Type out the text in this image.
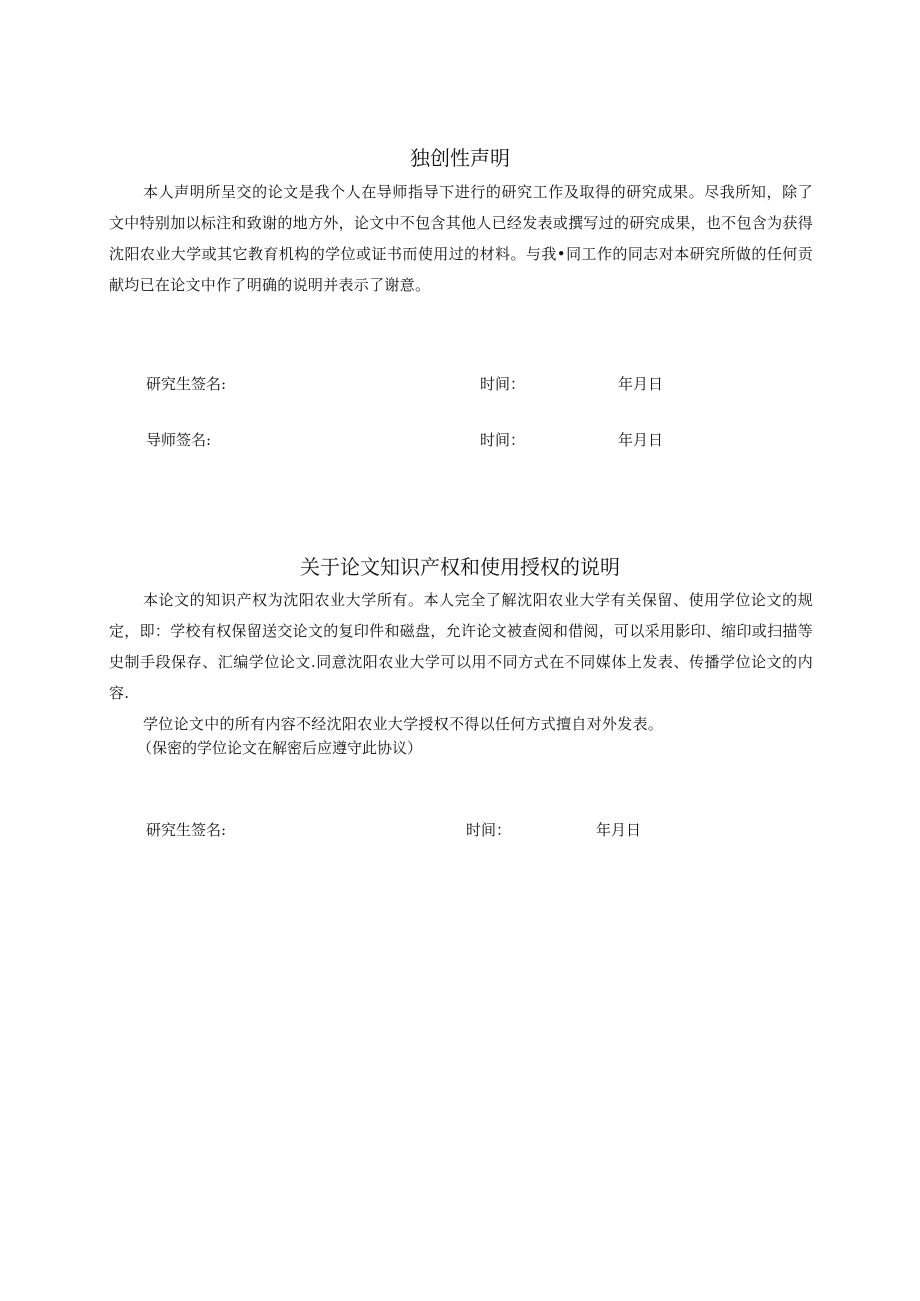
独创性声明

本人声明所呈交的论文是我个人在导师指导下进行的研究工作及取得的研究成果。尽我所知，除了文中特别加以标注和致谢的地方外，论文中不包含其他人已经发表或撰写过的研究成果，也不包含为获得沈阳农业大学或其它教育机构的学位或证书而使用过的材料。与我•同工作的同志对本研究所做的任何贡献均已在论文中作了明确的说明并表示了谢意。

研究生签名:	时间：	年月日
导师签名:	时间：	年月日
关于论文知识产权和使用授权的说明

本论文的知识产权为沈阳农业大学所有。本人完全了解沈阳农业大学有关保留、使用学位论文的规定，即：学校有权保留送交论文的复印件和磁盘，允许论文被查阅和借阅，可以采用影印、缩印或扫描等史制手段保存、汇编学位论文.同意沈阳农业大学可以用不同方式在不同媒体上发表、传播学位论文的内容.

学位论文中的所有内容不经沈阳农业大学授权不得以任何方式擅自对外发表。

（保密的学位论文在解密后应遵守此协议）
研究生签名:	时间：	年月日
